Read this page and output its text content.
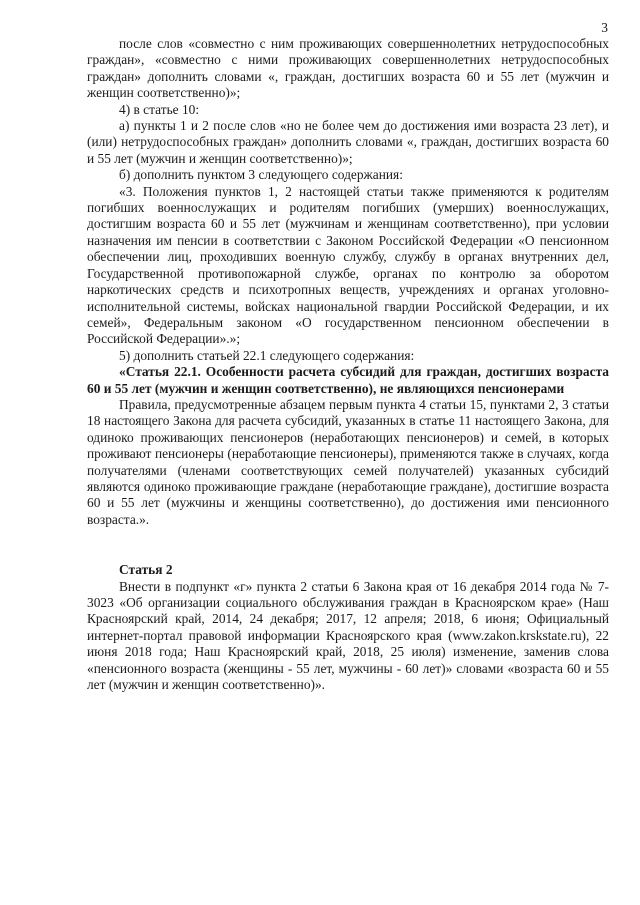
3

после слов «совместно с ним проживающих совершеннолетних нетрудоспособных граждан», «совместно с ними проживающих совершеннолетних нетрудоспособных граждан» дополнить словами «, граждан, достигших возраста 60 и 55 лет (мужчин и женщин соответственно)»;

4) в статье 10:

а) пункты 1 и 2 после слов «но не более чем до достижения ими возраста 23 лет), и (или) нетрудоспособных граждан» дополнить словами «, граждан, достигших возраста 60 и 55 лет (мужчин и женщин соответственно)»;

б) дополнить пунктом 3 следующего содержания:

«3. Положения пунктов 1, 2 настоящей статьи также применяются к родителям погибших военнослужащих и родителям погибших (умерших) военнослужащих, достигшим возраста 60 и 55 лет (мужчинам и женщинам соответственно), при условии назначения им пенсии в соответствии с Законом Российской Федерации «О пенсионном обеспечении лиц, проходивших военную службу, службу в органах внутренних дел, Государственной противопожарной службе, органах по контролю за оборотом наркотических средств и психотропных веществ, учреждениях и органах уголовно-исполнительной системы, войсках национальной гвардии Российской Федерации, и их семей», Федеральным законом «О государственном пенсионном обеспечении в Российской Федерации».»;

5) дополнить статьей 22.1 следующего содержания:

«Статья 22.1. Особенности расчета субсидий для граждан, достигших возраста 60 и 55 лет (мужчин и женщин соответственно), не являющихся пенсионерами

Правила, предусмотренные абзацем первым пункта 4 статьи 15, пунктами 2, 3 статьи 18 настоящего Закона для расчета субсидий, указанных в статье 11 настоящего Закона, для одиноко проживающих пенсионеров (неработающих пенсионеров) и семей, в которых проживают пенсионеры (неработающие пенсионеры), применяются также в случаях, когда получателями (членами соответствующих семей получателей) указанных субсидий являются одиноко проживающие граждане (неработающие граждане), достигшие возраста 60 и 55 лет (мужчины и женщины соответственно), до достижения ими пенсионного возраста.».

Статья 2

Внести в подпункт «г» пункта 2 статьи 6 Закона края от 16 декабря 2014 года № 7-3023 «Об организации социального обслуживания граждан в Красноярском крае» (Наш Красноярский край, 2014, 24 декабря; 2017, 12 апреля; 2018, 6 июня; Официальный интернет-портал правовой информации Красноярского края (www.zakon.krskstate.ru), 22 июня 2018 года; Наш Красноярский край, 2018, 25 июля) изменение, заменив слова «пенсионного возраста (женщины - 55 лет, мужчины - 60 лет)» словами «возраста 60 и 55 лет (мужчин и женщин соответственно)».
